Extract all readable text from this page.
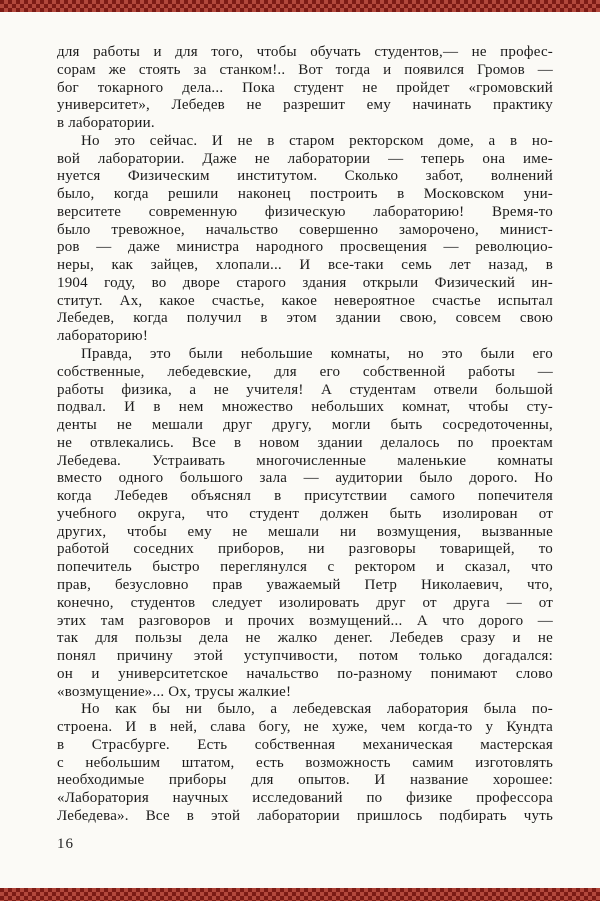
для работы и для того, чтобы обучать студентов,— не профес-
сорам же стоять за станком!.. Вот тогда и появился Громов —
бог токарного дела... Пока студент не пройдет «громовский
университет», Лебедев не разрешит ему начинать практику
в лаборатории.
Но это сейчас. И не в старом ректорском доме, а в но-
вой лаборатории. Даже не лаборатории — теперь она име-
нуется Физическим институтом. Сколько забот, волнений
было, когда решили наконец построить в Московском уни-
верситете современную физическую лабораторию! Время-то
было тревожное, начальство совершенно заморочено, минист-
ров — даже министра народного просвещения — революцио-
неры, как зайцев, хлопали... И все-таки семь лет назад, в
1904 году, во дворе старого здания открыли Физический ин-
ститут. Ах, какое счастье, какое невероятное счастье испытал
Лебедев, когда получил в этом здании свою, совсем свою
лабораторию!
Правда, это были небольшие комнаты, но это были его
собственные, лебедевские, для его собственной работы —
работы физика, а не учителя! А студентам отвели большой
подвал. И в нем множество небольших комнат, чтобы сту-
денты не мешали друг другу, могли быть сосредоточенны,
не отвлекались. Все в новом здании делалось по проектам
Лебедева. Устраивать многочисленные маленькие комнаты
вместо одного большого зала — аудитории было дорого. Но
когда Лебедев объяснял в присутствии самого попечителя
учебного округа, что студент должен быть изолирован от
других, чтобы ему не мешали ни возмущения, вызванные
работой соседних приборов, ни разговоры товарищей, то
попечитель быстро переглянулся с ректором и сказал, что
прав, безусловно прав уважаемый Петр Николаевич, что,
конечно, студентов следует изолировать друг от друга — от
этих там разговоров и прочих возмущений... А что дорого —
так для пользы дела не жалко денег. Лебедев сразу и не
понял причину этой уступчивости, потом только догадался:
он и университетское начальство по-разному понимают слово
«возмущение»... Ох, трусы жалкие!
Но как бы ни было, а лебедевская лаборатория была по-
строена. И в ней, слава богу, не хуже, чем когда-то у Кундта
в Страсбурге. Есть собственная механическая мастерская
с небольшим штатом, есть возможность самим изготовлять
необходимые приборы для опытов. И название хорошее:
«Лаборатория научных исследований по физике профессора
Лебедева». Все в этой лаборатории пришлось подбирать чуть
16
